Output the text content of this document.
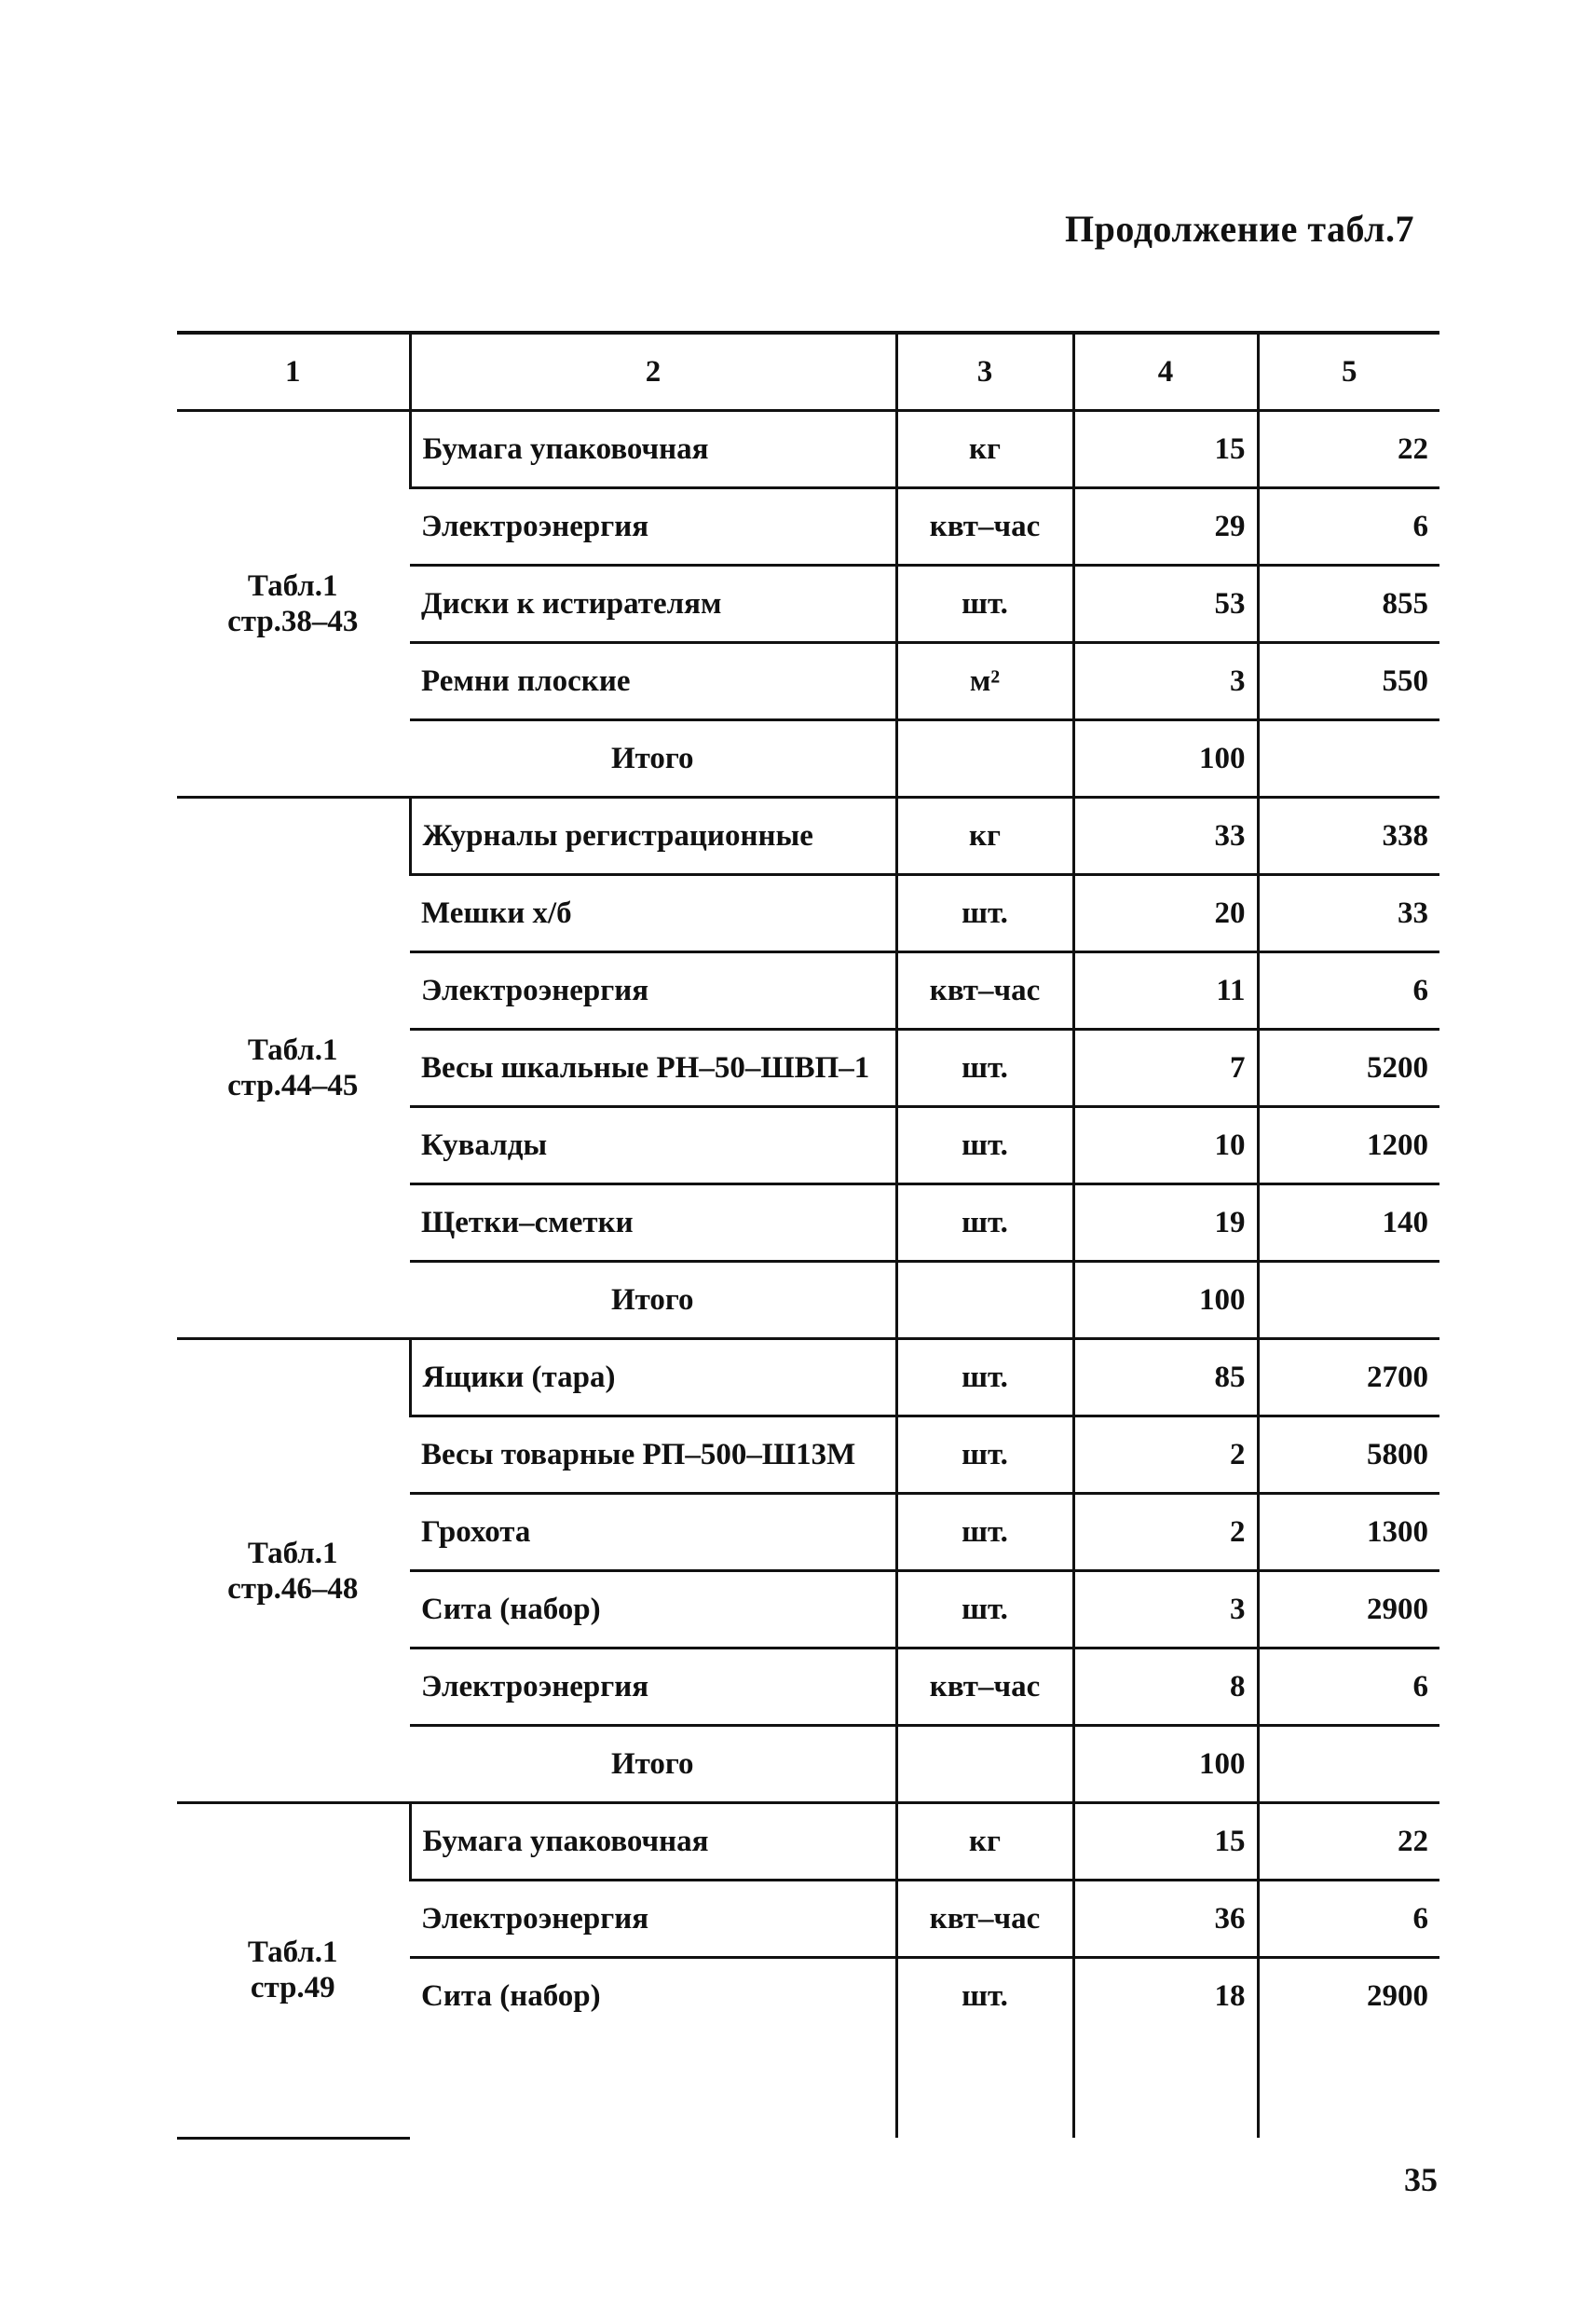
Продолжение табл.7
1	2	3	4	5

Табл.1
стр.38–43	Бумага упаковочная	кг	15	22
	Электроэнергия	квт–час	29	6
	Диски к истирателям	шт.	53	855
	Ремни плоские	м²	3	550
	Итого		100	

Табл.1
стр.44–45	Журналы регистрационные	кг	33	338
	Мешки х/б	шт.	20	33
	Электроэнергия	квт–час	11	6
	Весы шкальные РН–50–ШВП–1	шт.	7	5200
	Кувалды	шт.	10	1200
	Щетки–сметки	шт.	19	140
	Итого		100	

Табл.1
стр.46–48	Ящики (тара)	шт.	85	2700
	Весы товарные РП–500–Ш13М	шт.	2	5800
	Грохота	шт.	2	1300
	Сита (набор)	шт.	3	2900
	Электроэнергия	квт–час	8	6
	Итого		100	

Табл.1
стр.49	Бумага упаковочная	кг	15	22
	Электроэнергия	квт–час	36	6
	Сита (набор)	шт.	18	2900
35
